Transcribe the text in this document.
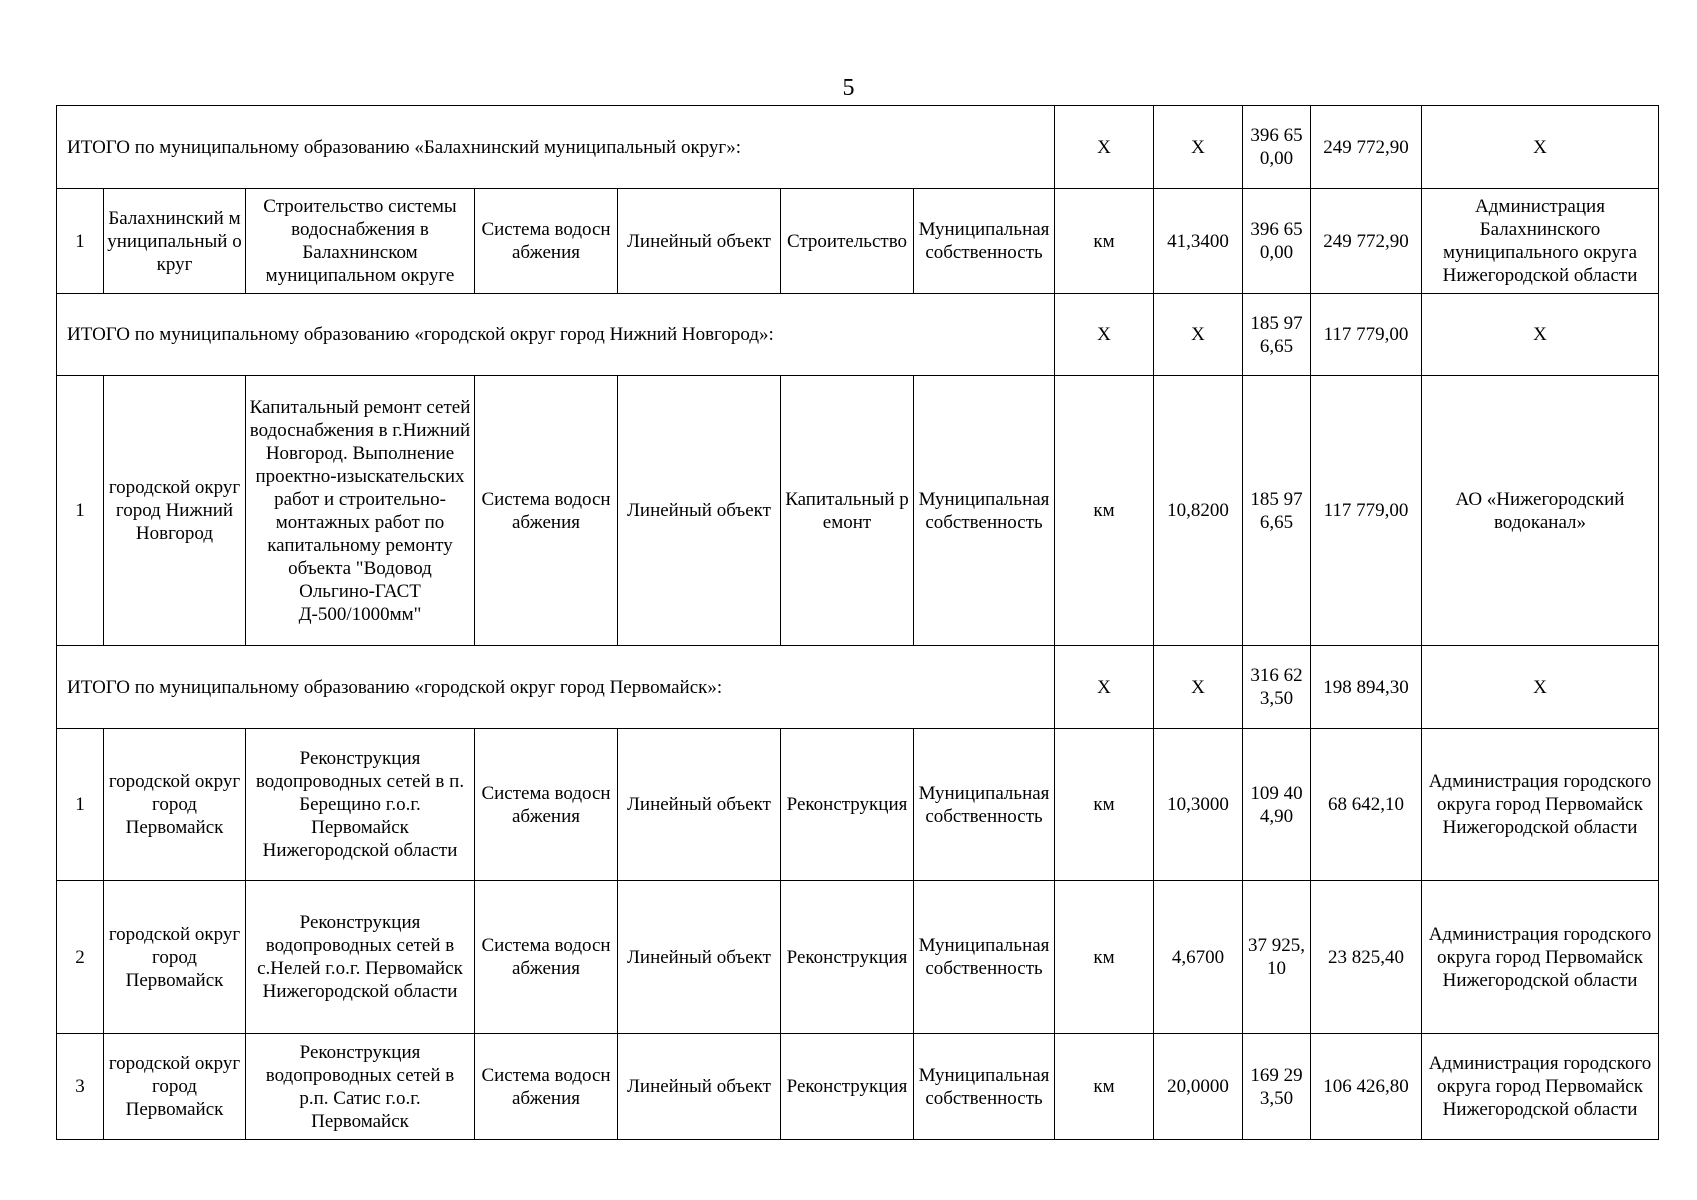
5
ИТОГО по муниципальному образованию «Балахнинский муниципальный округ»:							X	X	396 650,00	249 772,90	X
1	Балахнинский муниципальный округ	Строительство системы водоснабжения в Балахнинском муниципальном округе	Система водоснабжения	Линейный объект	Строительство	Муниципальная собственность	км	41,3400	396 650,00	249 772,90	Администрация Балахнинского муниципального округа Нижегородской области
ИТОГО по муниципальному образованию «городской округ город Нижний Новгород»:							X	X	185 976,65	117 779,00	X
1	городской округ город Нижний Новгород	Капитальный ремонт сетей водоснабжения в г.Нижний Новгород. Выполнение проектно-изыскательских работ и строительно-монтажных работ по капитальному ремонту объекта "Водовод Ольгино-ГАСТ Д-500/1000мм"	Система водоснабжения	Линейный объект	Капитальный ремонт	Муниципальная собственность	км	10,8200	185 976,65	117 779,00	АО «Нижегородский водоканал»
ИТОГО по муниципальному образованию «городской округ город Первомайск»:							X	X	316 623,50	198 894,30	X
1	городской округ город Первомайск	Реконструкция водопроводных сетей в п. Берещино г.о.г. Первомайск Нижегородской области	Система водоснабжения	Линейный объект	Реконструкция	Муниципальная собственность	км	10,3000	109 404,90	68 642,10	Администрация городского округа город Первомайск Нижегородской области
2	городской округ город Первомайск	Реконструкция водопроводных сетей в с.Нелей г.о.г. Первомайск Нижегородской области	Система водоснабжения	Линейный объект	Реконструкция	Муниципальная собственность	км	4,6700	37 925,10	23 825,40	Администрация городского округа город Первомайск Нижегородской области
3	городской округ город Первомайск	Реконструкция водопроводных сетей в р.п. Сатис г.о.г. Первомайск	Система водоснабжения	Линейный объект	Реконструкция	Муниципальная собственность	км	20,0000	169 293,50	106 426,80	Администрация городского округа город Первомайск Нижегородской области
